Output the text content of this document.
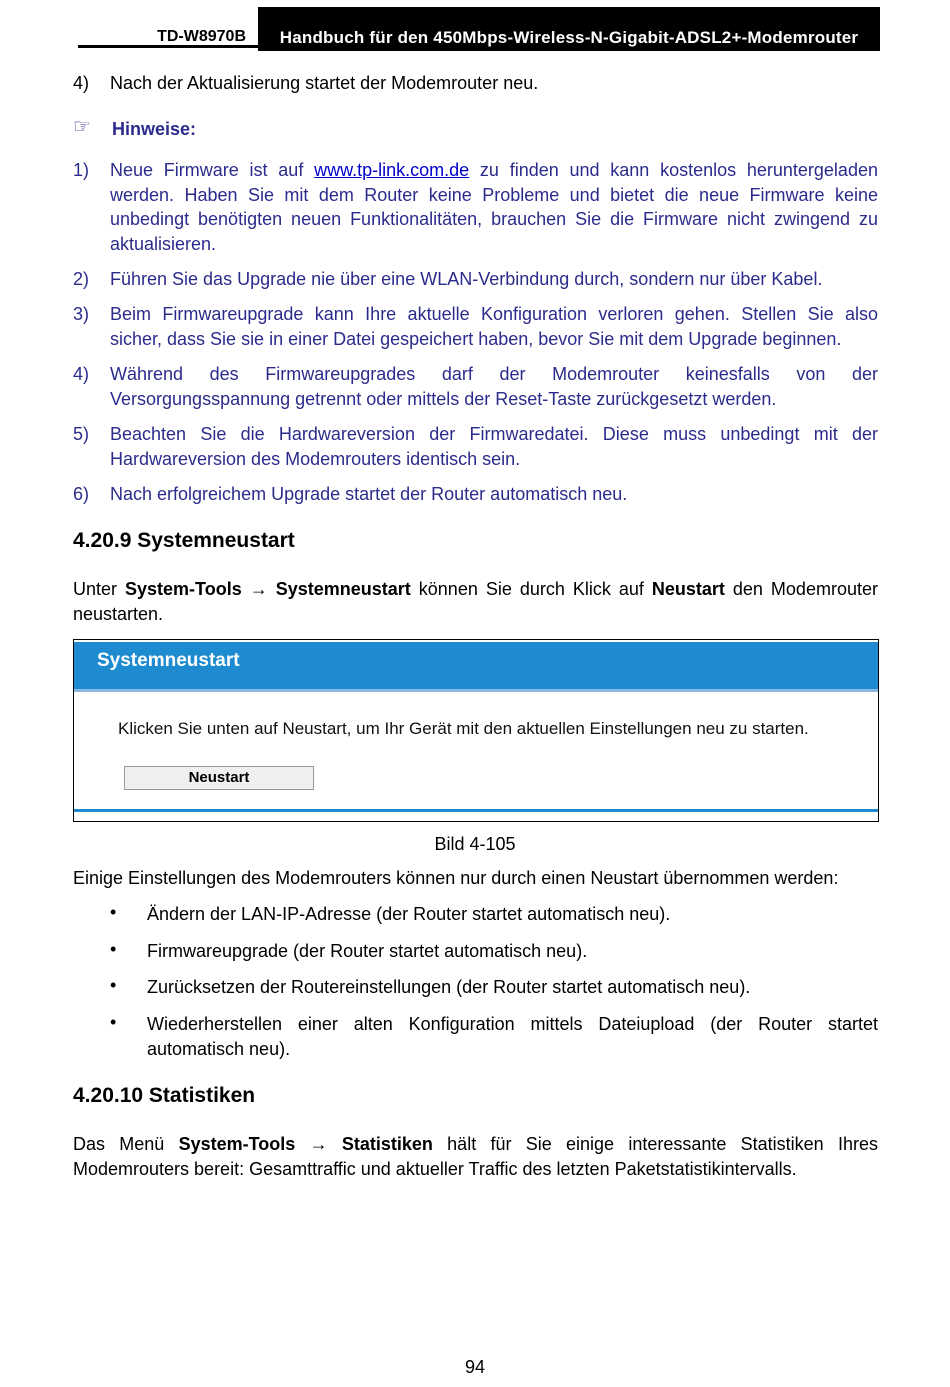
TD-W8970B	Handbuch für den 450Mbps-Wireless-N-Gigabit-ADSL2+-Modemrouter
4) Nach der Aktualisierung startet der Modemrouter neu.
☞ Hinweise:
1) Neue Firmware ist auf www.tp-link.com.de zu finden und kann kostenlos heruntergeladen
werden. Haben Sie mit dem Router keine Probleme und bietet die neue Firmware keine
unbedingt benötigten neuen Funktionalitäten, brauchen Sie die Firmware nicht zwingend zu
aktualisieren.
2) Führen Sie das Upgrade nie über eine WLAN-Verbindung durch, sondern nur über Kabel.
3) Beim Firmwareupgrade kann Ihre aktuelle Konfiguration verloren gehen. Stellen Sie also
sicher, dass Sie sie in einer Datei gespeichert haben, bevor Sie mit dem Upgrade beginnen.
4) Während des Firmwareupgrades darf der Modemrouter keinesfalls von der
Versorgungsspannung getrennt oder mittels der Reset-Taste zurückgesetzt werden.
5) Beachten Sie die Hardwareversion der Firmwaredatei. Diese muss unbedingt mit der
Hardwareversion des Modemrouters identisch sein.
6) Nach erfolgreichem Upgrade startet der Router automatisch neu.
4.20.9 Systemneustart
Unter System-Tools → Systemneustart können Sie durch Klick auf Neustart den Modemrouter
neustarten.
Systemneustart
Klicken Sie unten auf Neustart, um Ihr Gerät mit den aktuellen Einstellungen neu zu starten.
Neustart
Bild 4-105
Einige Einstellungen des Modemrouters können nur durch einen Neustart übernommen werden:
• Ändern der LAN-IP-Adresse (der Router startet automatisch neu).
• Firmwareupgrade (der Router startet automatisch neu).
• Zurücksetzen der Routereinstellungen (der Router startet automatisch neu).
• Wiederherstellen einer alten Konfiguration mittels Dateiupload (der Router startet
automatisch neu).
4.20.10 Statistiken
Das Menü System-Tools → Statistiken hält für Sie einige interessante Statistiken Ihres
Modemrouters bereit: Gesamttraffic und aktueller Traffic des letzten Paketstatistikintervalls.
94
